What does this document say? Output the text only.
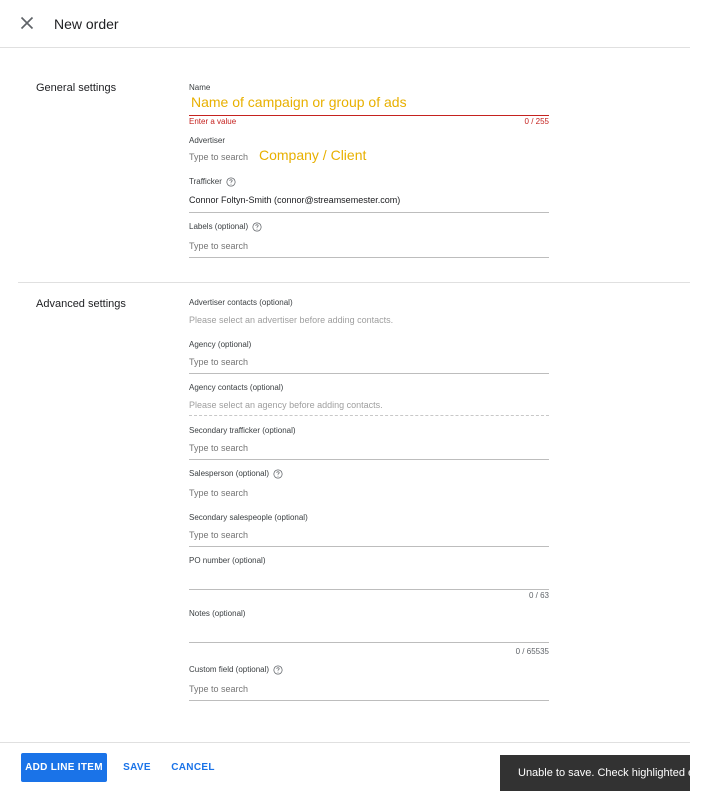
New order
General settings	Name
Name of campaign or group of ads
Enter a value	0 / 255
Advertiser
Type to search Company / Client
Trafficker
Connor Foltyn-Smith (connor@streamsemester.com)
Labels (optional)
Type to search
Advanced settings	Advertiser contacts (optional)
Please select an advertiser before adding contacts.
Agency (optional)
Type to search
Agency contacts (optional)
Please select an agency before adding contacts.
Secondary trafficker (optional)
Type to search
Salesperson (optional)
Type to search
Secondary salespeople (optional)
Type to search
PO number (optional)
0 / 63
Notes (optional)
0 / 65535
Custom field (optional)
Type to search
ADD LINE ITEM	SAVE	CANCEL	Unable to save. Check highlighted errors.
